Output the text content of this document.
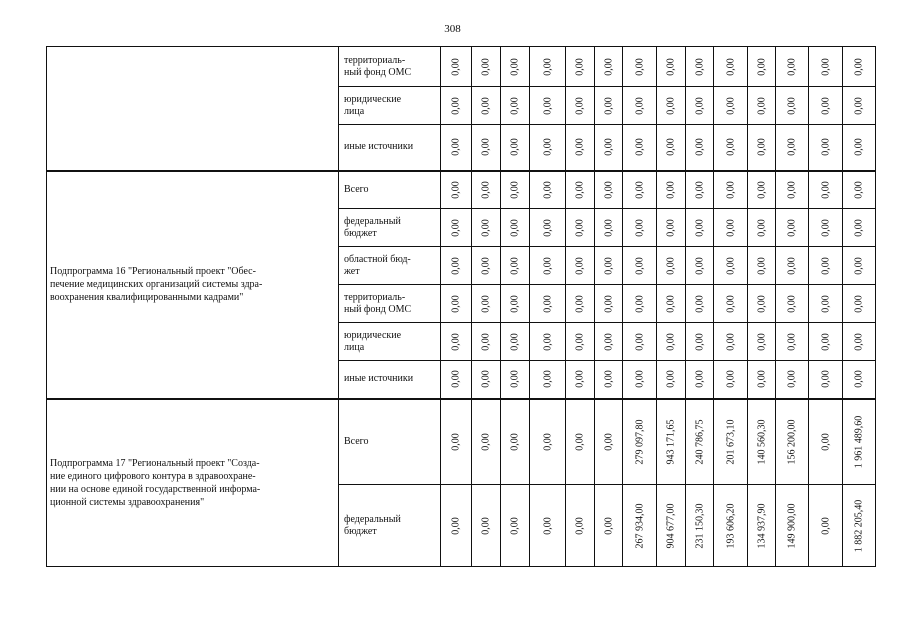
308

	территориаль-
ный фонд ОМС	0,00	0,00	0,00	0,00	0,00	0,00	0,00	0,00	0,00	0,00	0,00	0,00	0,00	0,00

	юридические
лица	0,00	0,00	0,00	0,00	0,00	0,00	0,00	0,00	0,00	0,00	0,00	0,00	0,00	0,00

	иные источники	0,00	0,00	0,00	0,00	0,00	0,00	0,00	0,00	0,00	0,00	0,00	0,00	0,00	0,00

Подпрограмма 16 "Региональный проект "Обес-
печение медицинских организаций системы здра-
воохранения квалифицированными кадрами"	Всего	0,00	0,00	0,00	0,00	0,00	0,00	0,00	0,00	0,00	0,00	0,00	0,00	0,00	0,00

	федеральный
бюджет	0,00	0,00	0,00	0,00	0,00	0,00	0,00	0,00	0,00	0,00	0,00	0,00	0,00	0,00

	областной бюд-
жет	0,00	0,00	0,00	0,00	0,00	0,00	0,00	0,00	0,00	0,00	0,00	0,00	0,00	0,00

	территориаль-
ный фонд ОМС	0,00	0,00	0,00	0,00	0,00	0,00	0,00	0,00	0,00	0,00	0,00	0,00	0,00	0,00

	юридические
лица	0,00	0,00	0,00	0,00	0,00	0,00	0,00	0,00	0,00	0,00	0,00	0,00	0,00	0,00

	иные источники	0,00	0,00	0,00	0,00	0,00	0,00	0,00	0,00	0,00	0,00	0,00	0,00	0,00	0,00

Подпрограмма 17 "Региональный проект "Созда-
ние единого цифрового контура в здравоохране-
нии на основе единой государственной информа-
ционной системы здравоохранения"	Всего	0,00	0,00	0,00	0,00	0,00	0,00	279 097,80	943 171,65	240 786,75	201 673,10	140 560,30	156 200,00	0,00	1 961 489,60

	федеральный
бюджет	0,00	0,00	0,00	0,00	0,00	0,00	267 934,00	904 677,00	231 150,30	193 606,20	134 937,90	149 900,00	0,00	1 882 205,40
